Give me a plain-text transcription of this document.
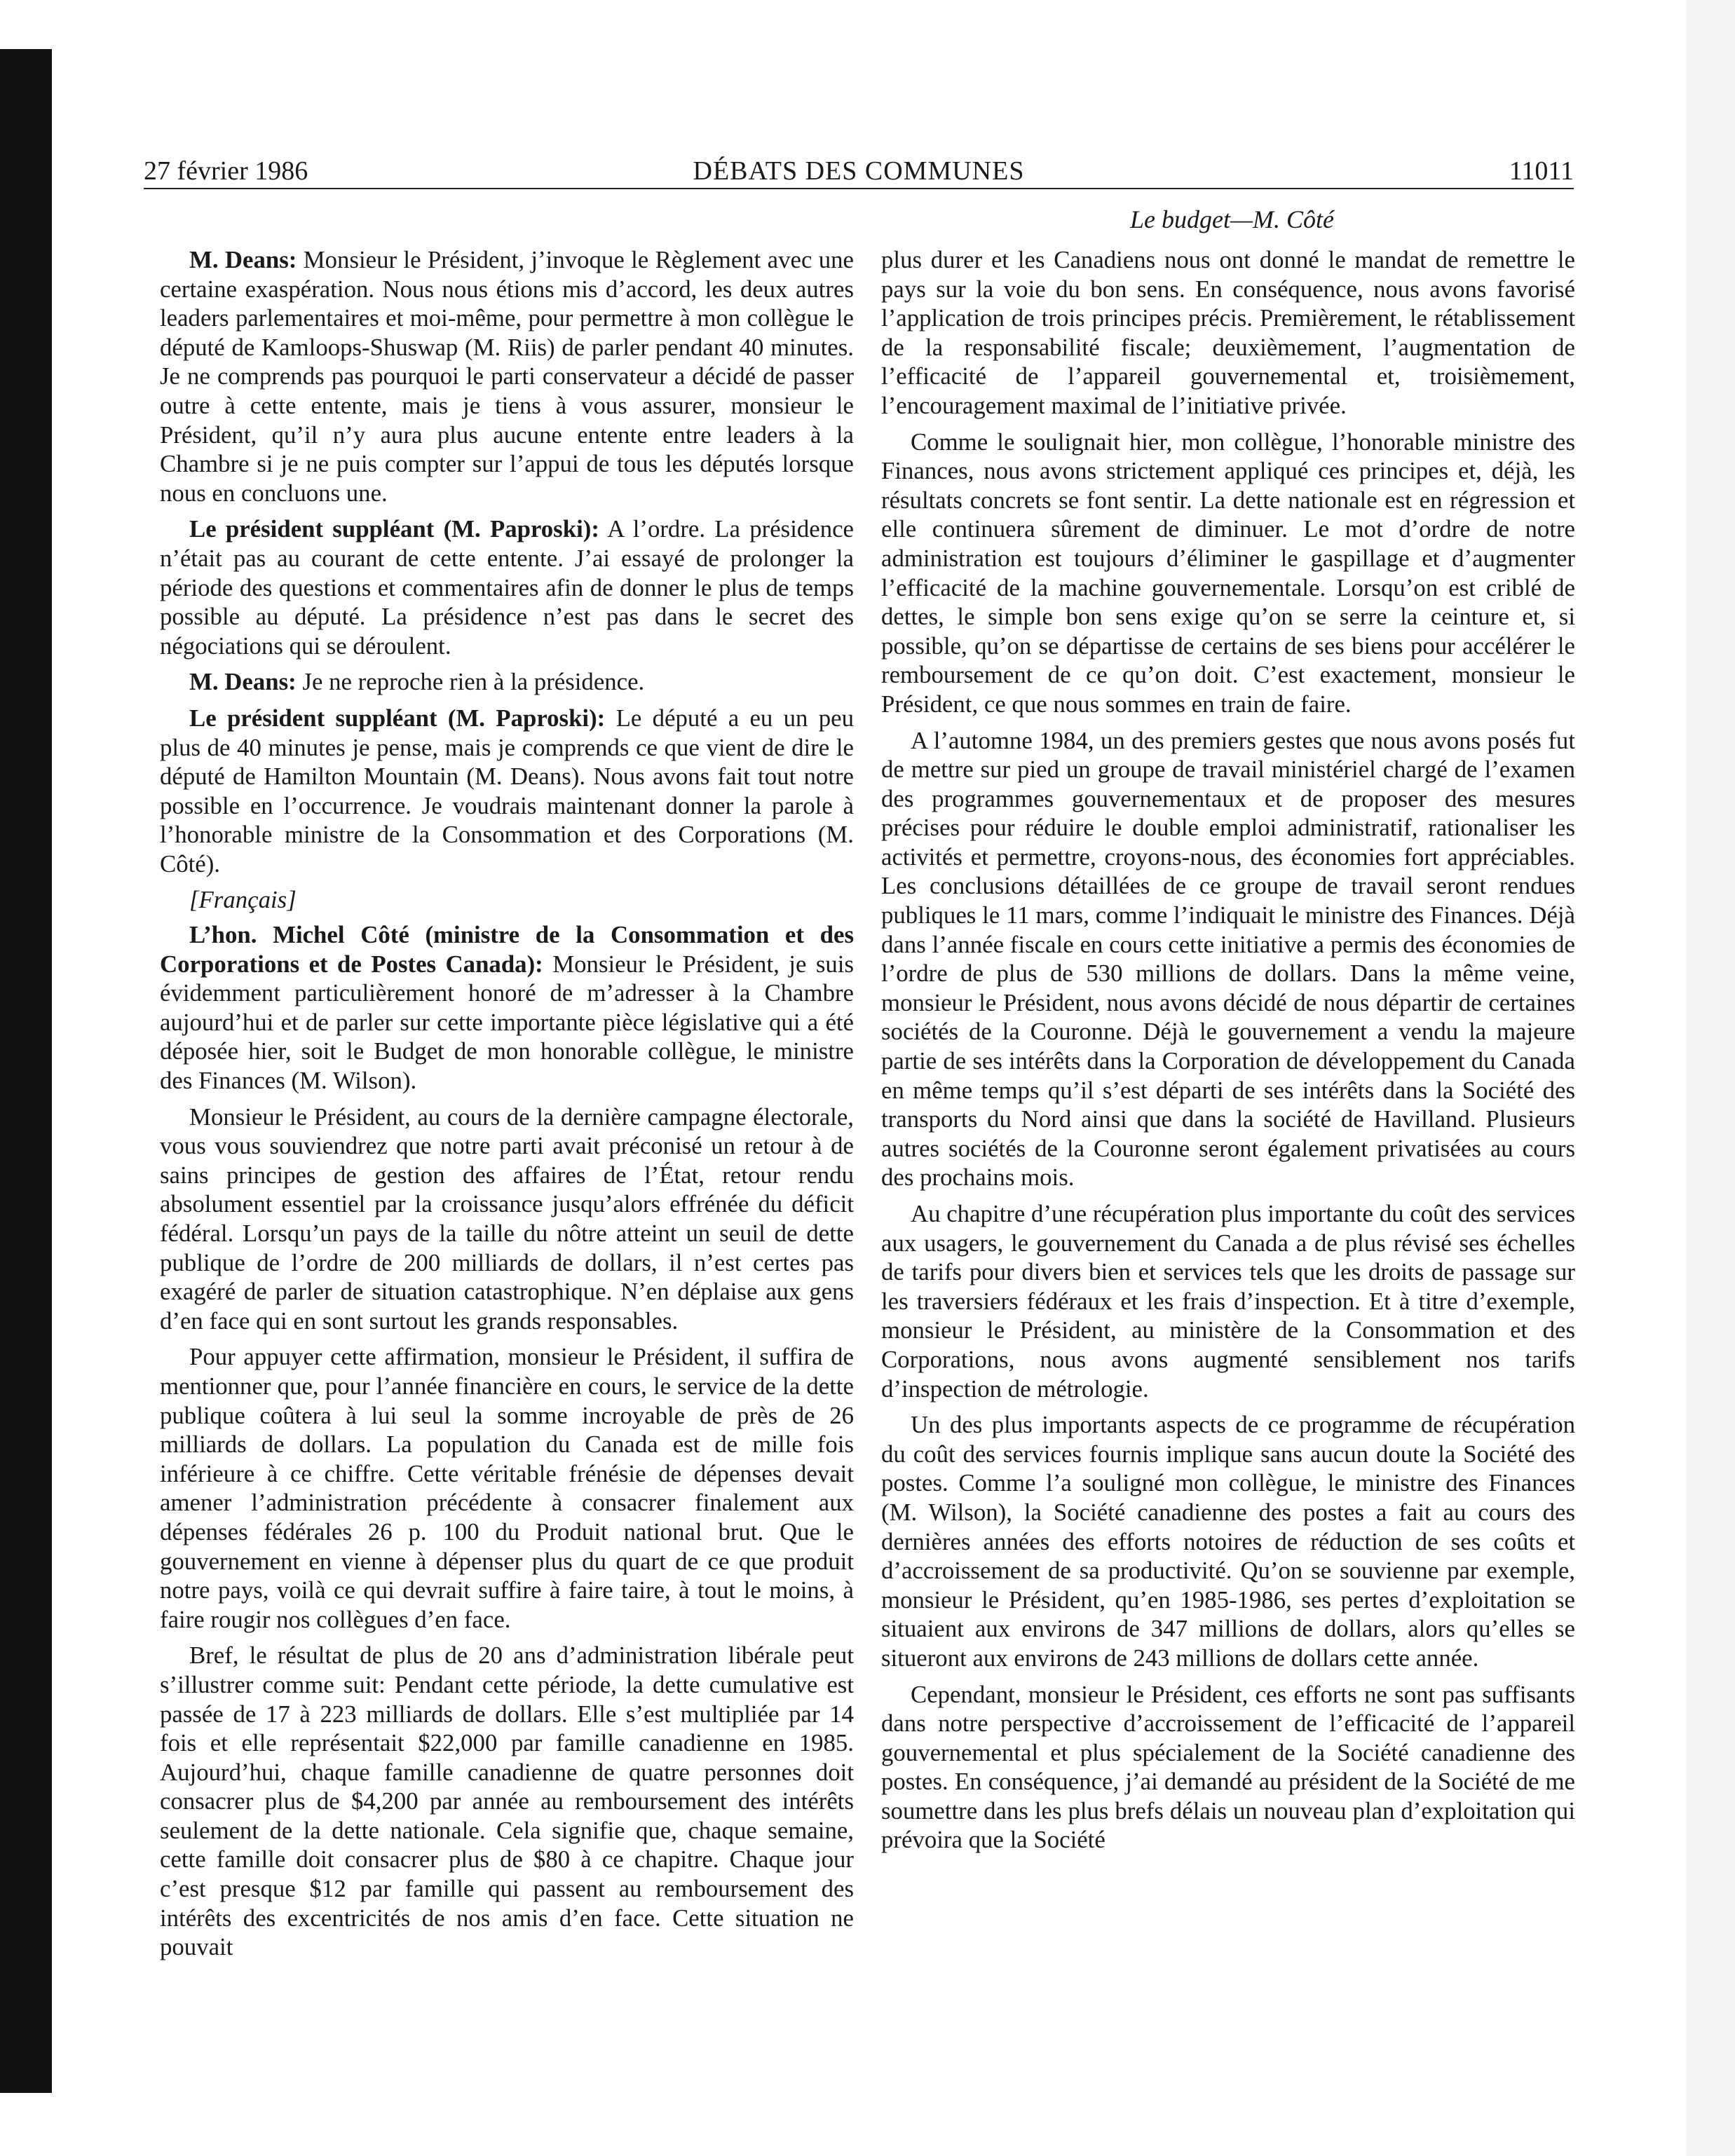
27 février 1986	DÉBATS DES COMMUNES	11011
Le budget—M. Côté

M. Deans: Monsieur le Président, j’invoque le Règlement avec une certaine exaspération. Nous nous étions mis d’accord, les deux autres leaders parlementaires et moi-même, pour permettre à mon collègue le député de Kamloops-Shuswap (M. Riis) de parler pendant 40 minutes. Je ne comprends pas pourquoi le parti conservateur a décidé de passer outre à cette entente, mais je tiens à vous assurer, monsieur le Président, qu’il n’y aura plus aucune entente entre leaders à la Chambre si je ne puis compter sur l’appui de tous les députés lorsque nous en concluons une.

Le président suppléant (M. Paproski): A l’ordre. La présidence n’était pas au courant de cette entente. J’ai essayé de prolonger la période des questions et commentaires afin de donner le plus de temps possible au député. La présidence n’est pas dans le secret des négociations qui se déroulent.

M. Deans: Je ne reproche rien à la présidence.

Le président suppléant (M. Paproski): Le député a eu un peu plus de 40 minutes je pense, mais je comprends ce que vient de dire le député de Hamilton Mountain (M. Deans). Nous avons fait tout notre possible en l’occurrence. Je voudrais maintenant donner la parole à l’honorable ministre de la Consommation et des Corporations (M. Côté).

[Français]

L’hon. Michel Côté (ministre de la Consommation et des Corporations et de Postes Canada): Monsieur le Président, je suis évidemment particulièrement honoré de m’adresser à la Chambre aujourd’hui et de parler sur cette importante pièce législative qui a été déposée hier, soit le Budget de mon honorable collègue, le ministre des Finances (M. Wilson).

Monsieur le Président, au cours de la dernière campagne électorale, vous vous souviendrez que notre parti avait préconisé un retour à de sains principes de gestion des affaires de l’État, retour rendu absolument essentiel par la croissance jusqu’alors effrénée du déficit fédéral. Lorsqu’un pays de la taille du nôtre atteint un seuil de dette publique de l’ordre de 200 milliards de dollars, il n’est certes pas exagéré de parler de situation catastrophique. N’en déplaise aux gens d’en face qui en sont surtout les grands responsables.

Pour appuyer cette affirmation, monsieur le Président, il suffira de mentionner que, pour l’année financière en cours, le service de la dette publique coûtera à lui seul la somme incroyable de près de 26 milliards de dollars. La population du Canada est de mille fois inférieure à ce chiffre. Cette véritable frénésie de dépenses devait amener l’administration précédente à consacrer finalement aux dépenses fédérales 26 p. 100 du Produit national brut. Que le gouvernement en vienne à dépenser plus du quart de ce que produit notre pays, voilà ce qui devrait suffire à faire taire, à tout le moins, à faire rougir nos collègues d’en face.

Bref, le résultat de plus de 20 ans d’administration libérale peut s’illustrer comme suit: Pendant cette période, la dette cumulative est passée de 17 à 223 milliards de dollars. Elle s’est multipliée par 14 fois et elle représentait $22,000 par famille canadienne en 1985. Aujourd’hui, chaque famille canadienne de quatre personnes doit consacrer plus de $4,200 par année au remboursement des intérêts seulement de la dette nationale. Cela signifie que, chaque semaine, cette famille doit consacrer plus de $80 à ce chapitre. Chaque jour c’est presque $12 par famille qui passent au remboursement des intérêts des excentricités de nos amis d’en face. Cette situation ne pouvait

plus durer et les Canadiens nous ont donné le mandat de remettre le pays sur la voie du bon sens. En conséquence, nous avons favorisé l’application de trois principes précis. Premièrement, le rétablissement de la responsabilité fiscale; deuxièmement, l’augmentation de l’efficacité de l’appareil gouvernemental et, troisièmement, l’encouragement maximal de l’initiative privée.

Comme le soulignait hier, mon collègue, l’honorable ministre des Finances, nous avons strictement appliqué ces principes et, déjà, les résultats concrets se font sentir. La dette nationale est en régression et elle continuera sûrement de diminuer. Le mot d’ordre de notre administration est toujours d’éliminer le gaspillage et d’augmenter l’efficacité de la machine gouvernementale. Lorsqu’on est criblé de dettes, le simple bon sens exige qu’on se serre la ceinture et, si possible, qu’on se départisse de certains de ses biens pour accélérer le remboursement de ce qu’on doit. C’est exactement, monsieur le Président, ce que nous sommes en train de faire.

A l’automne 1984, un des premiers gestes que nous avons posés fut de mettre sur pied un groupe de travail ministériel chargé de l’examen des programmes gouvernementaux et de proposer des mesures précises pour réduire le double emploi administratif, rationaliser les activités et permettre, croyons-nous, des économies fort appréciables. Les conclusions détaillées de ce groupe de travail seront rendues publiques le 11 mars, comme l’indiquait le ministre des Finances. Déjà dans l’année fiscale en cours cette initiative a permis des économies de l’ordre de plus de 530 millions de dollars. Dans la même veine, monsieur le Président, nous avons décidé de nous départir de certaines sociétés de la Couronne. Déjà le gouvernement a vendu la majeure partie de ses intérêts dans la Corporation de développement du Canada en même temps qu’il s’est départi de ses intérêts dans la Société des transports du Nord ainsi que dans la société de Havilland. Plusieurs autres sociétés de la Couronne seront également privatisées au cours des prochains mois.

Au chapitre d’une récupération plus importante du coût des services aux usagers, le gouvernement du Canada a de plus révisé ses échelles de tarifs pour divers bien et services tels que les droits de passage sur les traversiers fédéraux et les frais d’inspection. Et à titre d’exemple, monsieur le Président, au ministère de la Consommation et des Corporations, nous avons augmenté sensiblement nos tarifs d’inspection de métrologie.

Un des plus importants aspects de ce programme de récupération du coût des services fournis implique sans aucun doute la Société des postes. Comme l’a souligné mon collègue, le ministre des Finances (M. Wilson), la Société canadienne des postes a fait au cours des dernières années des efforts notoires de réduction de ses coûts et d’accroissement de sa productivité. Qu’on se souvienne par exemple, monsieur le Président, qu’en 1985-1986, ses pertes d’exploitation se situaient aux environs de 347 millions de dollars, alors qu’elles se situeront aux environs de 243 millions de dollars cette année.

Cependant, monsieur le Président, ces efforts ne sont pas suffisants dans notre perspective d’accroissement de l’efficacité de l’appareil gouvernemental et plus spécialement de la Société canadienne des postes. En conséquence, j’ai demandé au président de la Société de me soumettre dans les plus brefs délais un nouveau plan d’exploitation qui prévoira que la Société
